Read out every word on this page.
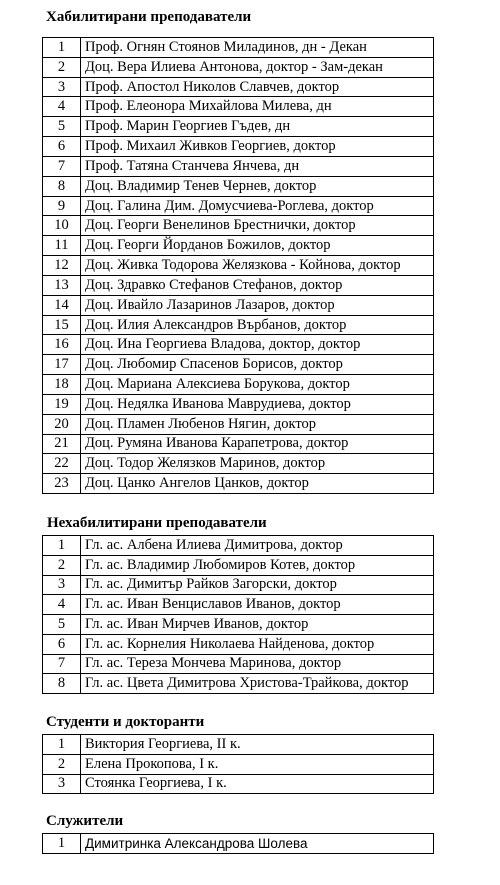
Хабилитирани преподаватели
1	Проф. Огнян Стоянов Миладинов, дн - Декан
2	Доц. Вера Илиева Антонова, доктор - Зам-декан
3	Проф. Апостол Николов Славчев, доктор
4	Проф. Елеонора Михайлова Милева, дн
5	Проф. Марин Георгиев Гъдев, дн
6	Проф. Михаил Живков Георгиев, доктор
7	Проф. Татяна Станчева Янчева, дн
8	Доц. Владимир Тенев Чернев, доктор
9	Доц. Галина Дим. Домусчиева-Роглева, доктор
10	Доц. Георги Венелинов Брестнички, доктор
11	Доц. Георги Йорданов Божилов, доктор
12	Доц. Живка Тодорова Желязкова - Койнова, доктор
13	Доц. Здравко Стефанов Стефанов, доктор
14	Доц. Ивайло Лазаринов Лазаров, доктор
15	Доц. Илия Александров Върбанов, доктор
16	Доц. Ина Георгиева Владова, доктор, доктор
17	Доц. Любомир Спасенов Борисов, доктор
18	Доц. Мариана Алексиева Борукова, доктор
19	Доц. Недялка Иванова Маврудиева, доктор
20	Доц. Пламен Любенов Нягин, доктор
21	Доц. Румяна Иванова Карапетрова, доктор
22	Доц. Тодор Желязков Маринов, доктор
23	Доц. Цанко Ангелов Цанков, доктор
Нехабилитирани преподаватели
1	Гл. ас. Албена Илиева Димитрова, доктор
2	Гл. ас. Владимир Любомиров Котев, доктор
3	Гл. ас. Димитър Райков Загорски, доктор
4	Гл. ас. Иван Венциславов Иванов, доктор
5	Гл. ас. Иван Мирчев Иванов, доктор
6	Гл. ас. Корнелия Николаева Найденова, доктор
7	Гл. ас. Тереза Мончева Маринова, доктор
8	Гл. ас. Цвета Димитрова Христова-Трайкова, доктор
Студенти и докторанти
1	Виктория Георгиева, II к.
2	Елена Прокопова, I к.
3	Стоянка Георгиева, I к.
Служители
1	Димитринка Александрова Шолева
